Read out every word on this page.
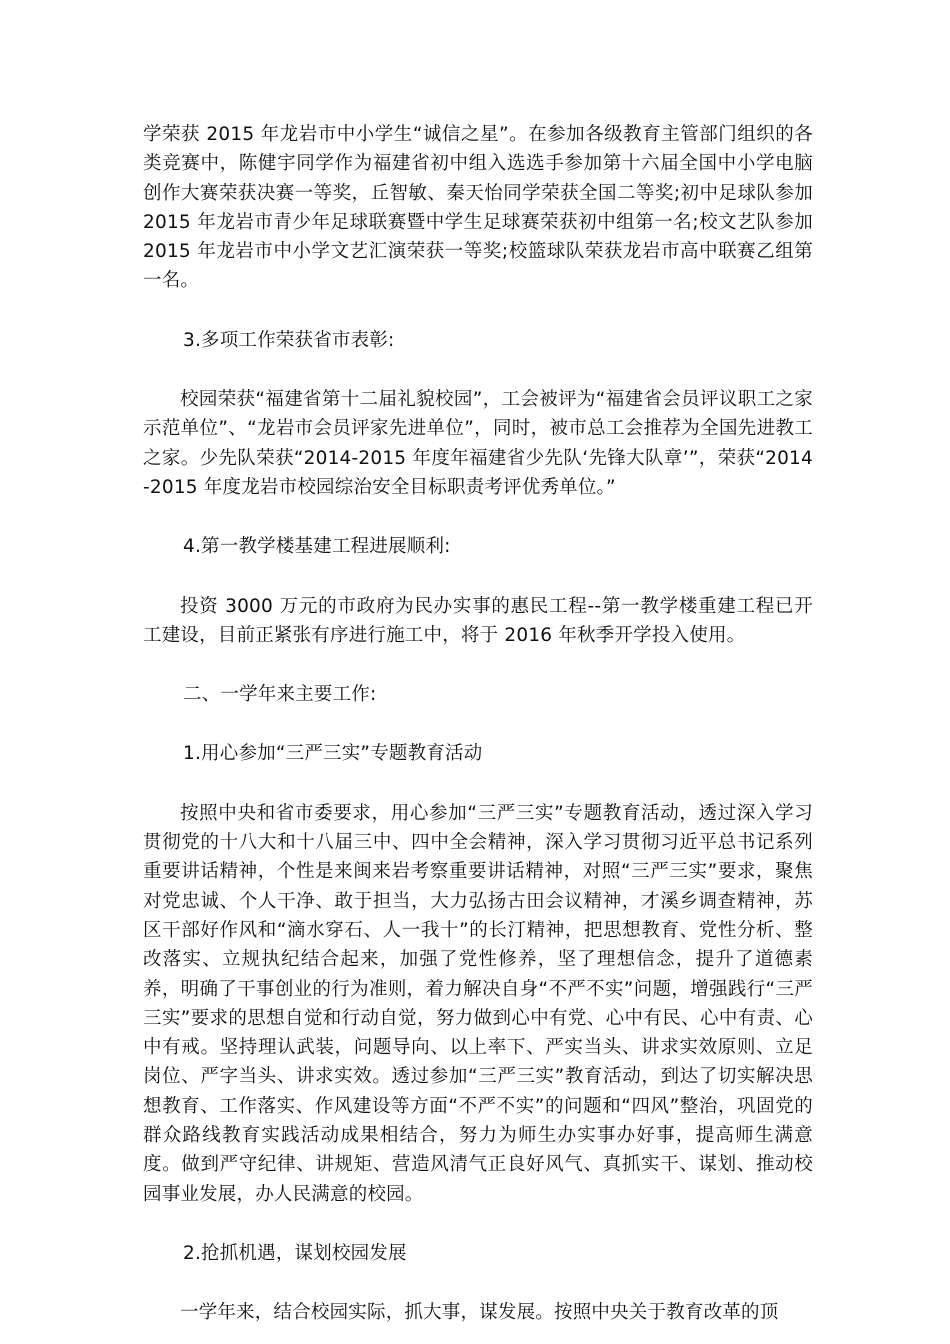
学荣获 2015 年龙岩市中小学生“诚信之星”。在参加各级教育主管部门组织的各类竞赛中，陈健宇同学作为福建省初中组入选选手参加第十六届全国中小学电脑创作大赛荣获决赛一等奖，丘智敏、秦天怡同学荣获全国二等奖;初中足球队参加 2015 年龙岩市青少年足球联赛暨中学生足球赛荣获初中组第一名;校文艺队参加 2015 年龙岩市中小学文艺汇演荣获一等奖;校篮球队荣获龙岩市高中联赛乙组第一名。

3.多项工作荣获省市表彰:

校园荣获“福建省第十二届礼貌校园”，工会被评为“福建省会员评议职工之家示范单位”、“龙岩市会员评家先进单位”，同时，被市总工会推荐为全国先进教工之家。少先队荣获“2014-2015 年度年福建省少先队‘先锋大队章’”，荣获“2014-2015 年度龙岩市校园综治安全目标职责考评优秀单位。”

4.第一教学楼基建工程进展顺利:

投资 3000 万元的市政府为民办实事的惠民工程--第一教学楼重建工程已开工建设，目前正紧张有序进行施工中，将于 2016 年秋季开学投入使用。

二、一学年来主要工作:

1.用心参加“三严三实”专题教育活动

按照中央和省市委要求，用心参加“三严三实”专题教育活动，透过深入学习贯彻党的十八大和十八届三中、四中全会精神，深入学习贯彻习近平总书记系列重要讲话精神，个性是来闽来岩考察重要讲话精神，对照“三严三实”要求，聚焦对党忠诚、个人干净、敢于担当，大力弘扬古田会议精神，才溪乡调查精神，苏区干部好作风和“滴水穿石、人一我十”的长汀精神，把思想教育、党性分析、整改落实、立规执纪结合起来，加强了党性修养，坚了理想信念，提升了道德素养，明确了干事创业的行为准则，着力解决自身“不严不实”问题，增强践行“三严三实”要求的思想自觉和行动自觉，努力做到心中有党、心中有民、心中有责、心中有戒。坚持理认武装，问题导向、以上率下、严实当头、讲求实效原则、立足岗位、严字当头、讲求实效。透过参加“三严三实”教育活动，到达了切实解决思想教育、工作落实、作风建设等方面“不严不实”的问题和“四风”整治，巩固党的群众路线教育实践活动成果相结合，努力为师生办实事办好事，提高师生满意度。做到严守纪律、讲规矩、营造风清气正良好风气、真抓实干、谋划、推动校园事业发展，办人民满意的校园。

2.抢抓机遇，谋划校园发展

一学年来，结合校园实际，抓大事，谋发展。按照中央关于教育改革的顶
